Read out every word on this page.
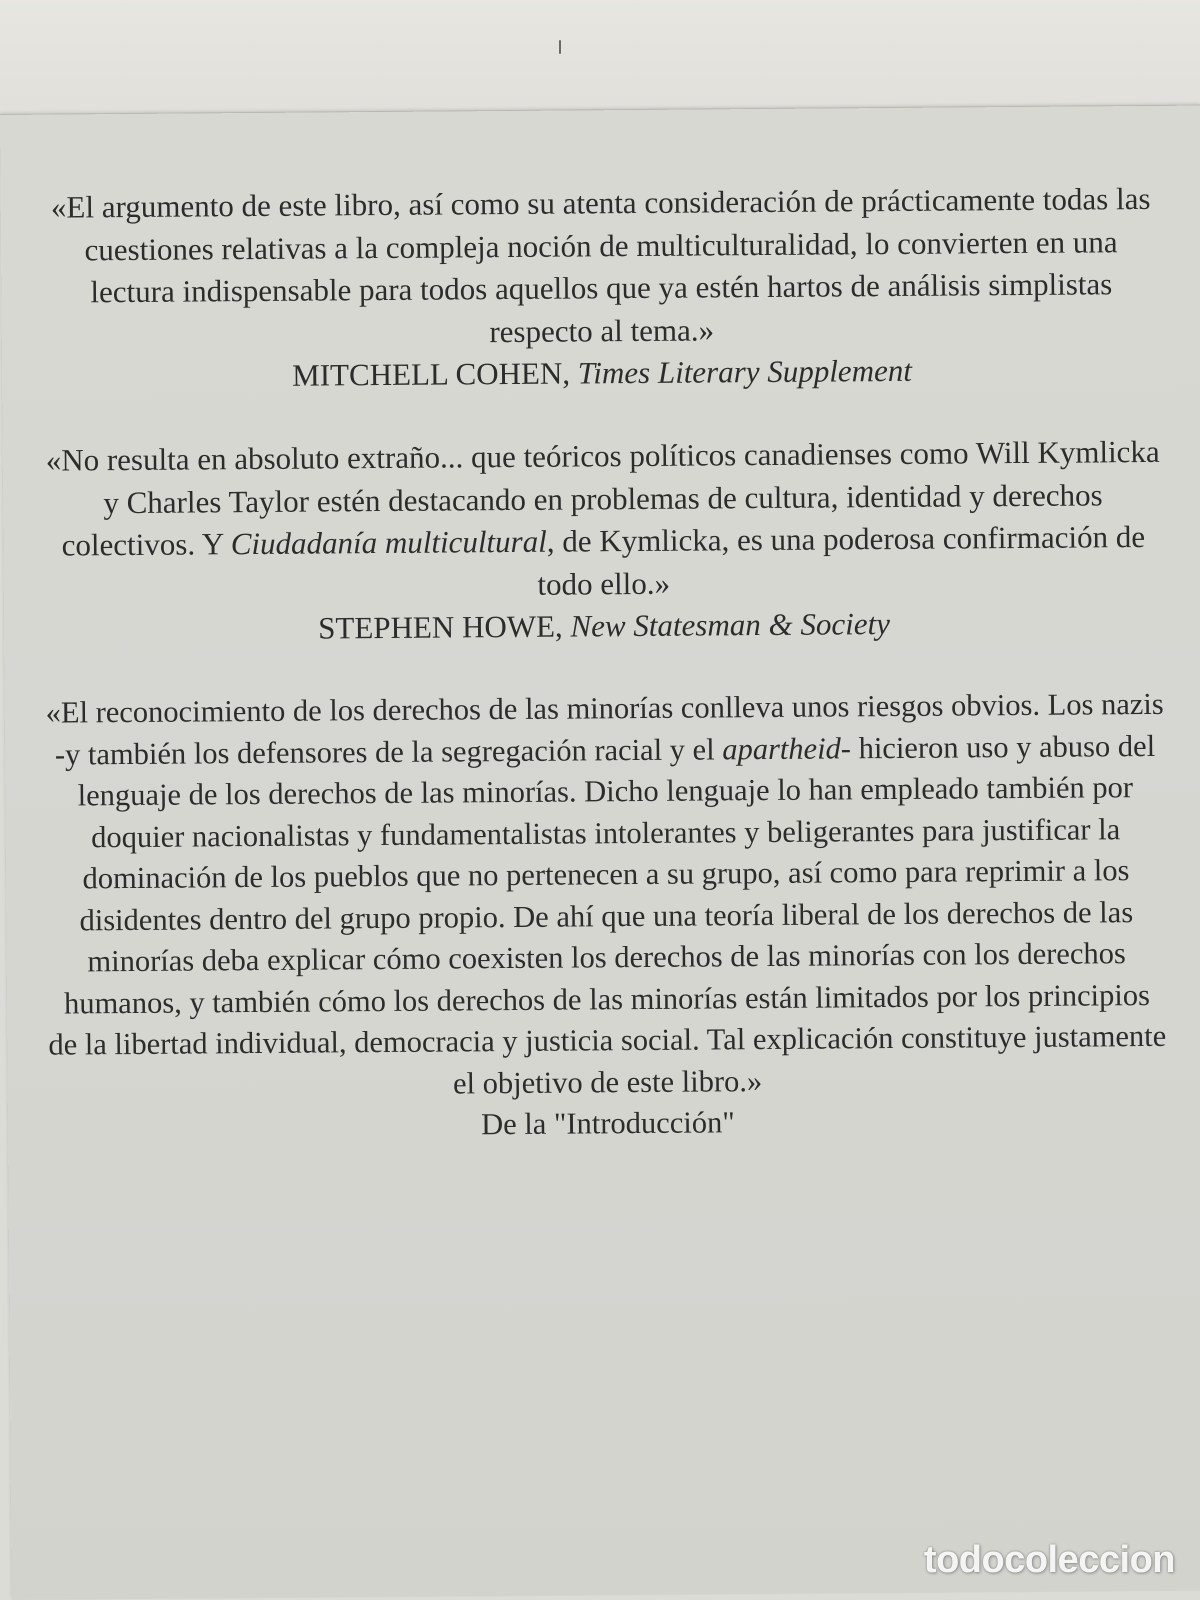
«El argumento de este libro, así como su atenta consideración de prácticamente todas las cuestiones relativas a la compleja noción de multiculturalidad, lo convierten en una lectura indispensable para todos aquellos que ya estén hartos de análisis simplistas respecto al tema.»

MITCHELL COHEN, Times Literary Supplement

«No resulta en absoluto extraño... que teóricos políticos canadienses como Will Kymlicka y Charles Taylor estén destacando en problemas de cultura, identidad y derechos colectivos. Y Ciudadanía multicultural, de Kymlicka, es una poderosa confirmación de todo ello.»

STEPHEN HOWE, New Statesman & Society

«El reconocimiento de los derechos de las minorías conlleva unos riesgos obvios. Los nazis -y también los defensores de la segregación racial y el apartheid- hicieron uso y abuso del lenguaje de los derechos de las minorías. Dicho lenguaje lo han empleado también por doquier nacionalistas y fundamentalistas intolerantes y beligerantes para justificar la dominación de los pueblos que no pertenecen a su grupo, así como para reprimir a los disidentes dentro del grupo propio. De ahí que una teoría liberal de los derechos de las minorías deba explicar cómo coexisten los derechos de las minorías con los derechos humanos, y también cómo los derechos de las minorías están limitados por los principios de la libertad individual, democracia y justicia social. Tal explicación constituye justamente el objetivo de este libro.»

De la "Introducción"

todocoleccion
